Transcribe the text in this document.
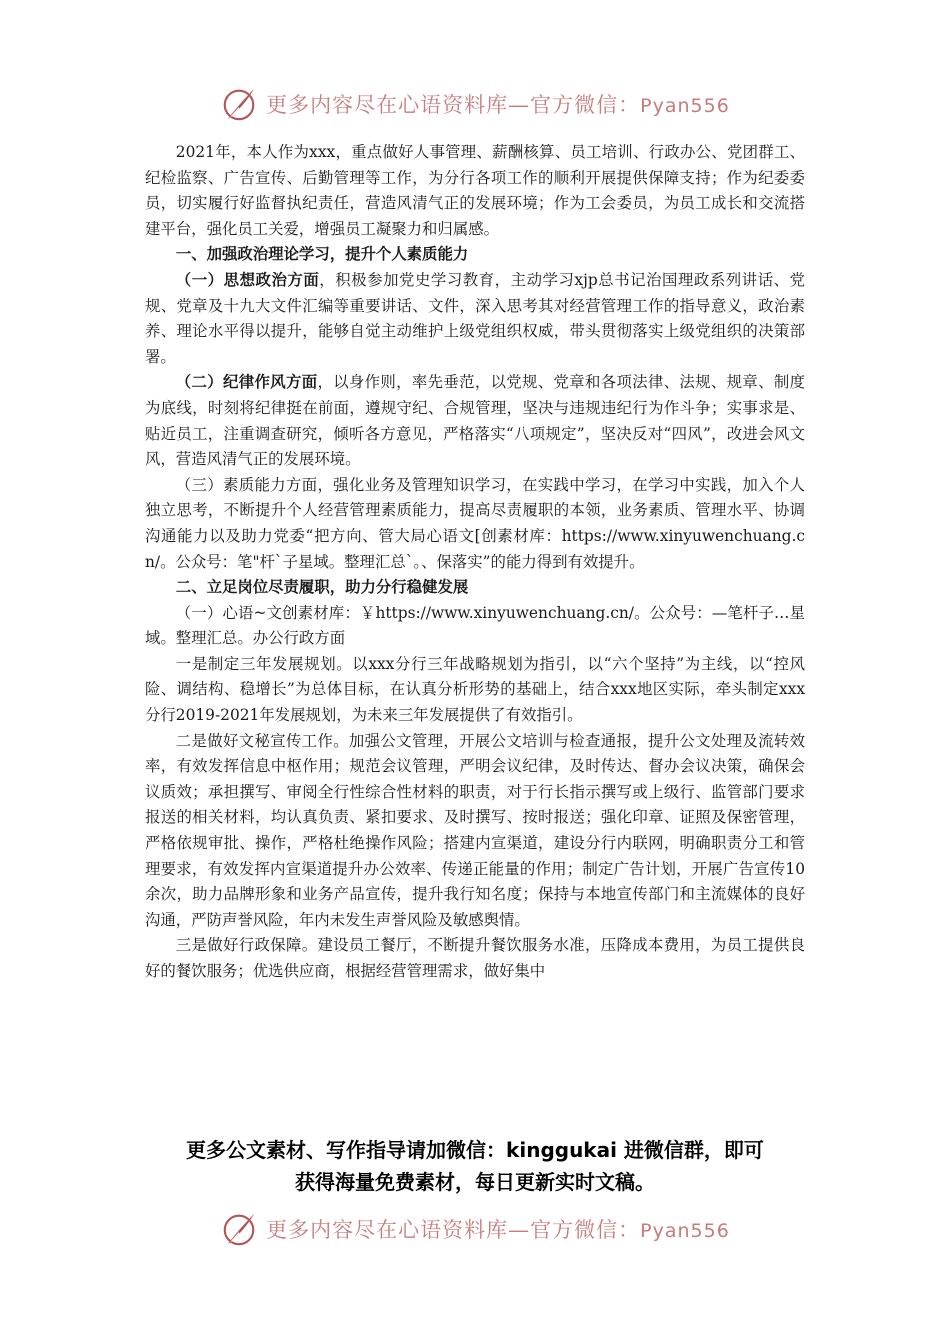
更多内容尽在心语资料库—官方微信：Pyan556

2021年，本人作为xxx，重点做好人事管理、薪酬核算、员工培训、行政办公、党团群工、纪检监察、广告宣传、后勤管理等工作，为分行各项工作的顺利开展提供保障支持；作为纪委委员，切实履行好监督执纪责任，营造风清气正的发展环境；作为工会委员，为员工成长和交流搭建平台，强化员工关爱，增强员工凝聚力和归属感。

一、加强政治理论学习，提升个人素质能力

（一）思想政治方面，积极参加党史学习教育，主动学习xjp总书记治国理政系列讲话、党规、党章及十九大文件汇编等重要讲话、文件，深入思考其对经营管理工作的指导意义，政治素养、理论水平得以提升，能够自觉主动维护上级党组织权威，带头贯彻落实上级党组织的决策部署。

（二）纪律作风方面，以身作则，率先垂范，以党规、党章和各项法律、法规、规章、制度为底线，时刻将纪律挺在前面，遵规守纪、合规管理，坚决与违规违纪行为作斗争；实事求是、贴近员工，注重调查研究，倾听各方意见，严格落实“八项规定”，坚决反对“四风”，改进会风文风，营造风清气正的发展环境。

（三）素质能力方面，强化业务及管理知识学习，在实践中学习，在学习中实践，加入个人独立思考，不断提升个人经营管理素质能力，提高尽责履职的本领，业务素质、管理水平、协调沟通能力以及助力党委“把方向、管大局心语文[创素材库：https://www.xinyuwenchuang.cn/。公众号：笔"杆`子星域。整理汇总`。、保落实”的能力得到有效提升。

二、立足岗位尽责履职，助力分行稳健发展

（一）心语~文创素材库：￥https://www.xinyuwenchuang.cn/。公众号：—笔杆子…星域。整理汇总。办公行政方面

一是制定三年发展规划。以xxx分行三年战略规划为指引，以“六个坚持”为主线，以“控风险、调结构、稳增长”为总体目标，在认真分析形势的基础上，结合xxx地区实际，牵头制定xxx分行2019-2021年发展规划，为未来三年发展提供了有效指引。

二是做好文秘宣传工作。加强公文管理，开展公文培训与检查通报，提升公文处理及流转效率，有效发挥信息中枢作用；规范会议管理，严明会议纪律，及时传达、督办会议决策，确保会议质效；承担撰写、审阅全行性综合性材料的职责，对于行长指示撰写或上级行、监管部门要求报送的相关材料，均认真负责、紧扣要求、及时撰写、按时报送；强化印章、证照及保密管理，严格依规审批、操作，严格杜绝操作风险；搭建内宣渠道，建设分行内联网，明确职责分工和管理要求，有效发挥内宣渠道提升办公效率、传递正能量的作用；制定广告计划，开展广告宣传10余次，助力品牌形象和业务产品宣传，提升我行知名度；保持与本地宣传部门和主流媒体的良好沟通，严防声誉风险，年内未发生声誉风险及敏感舆情。

三是做好行政保障。建设员工餐厅，不断提升餐饮服务水准，压降成本费用，为员工提供良好的餐饮服务；优选供应商，根据经营管理需求，做好集中

更多公文素材、写作指导请加微信：kinggukai 进微信群，即可
获得海量免费素材，每日更新实时文稿。
更多内容尽在心语资料库—官方微信：Pyan556
